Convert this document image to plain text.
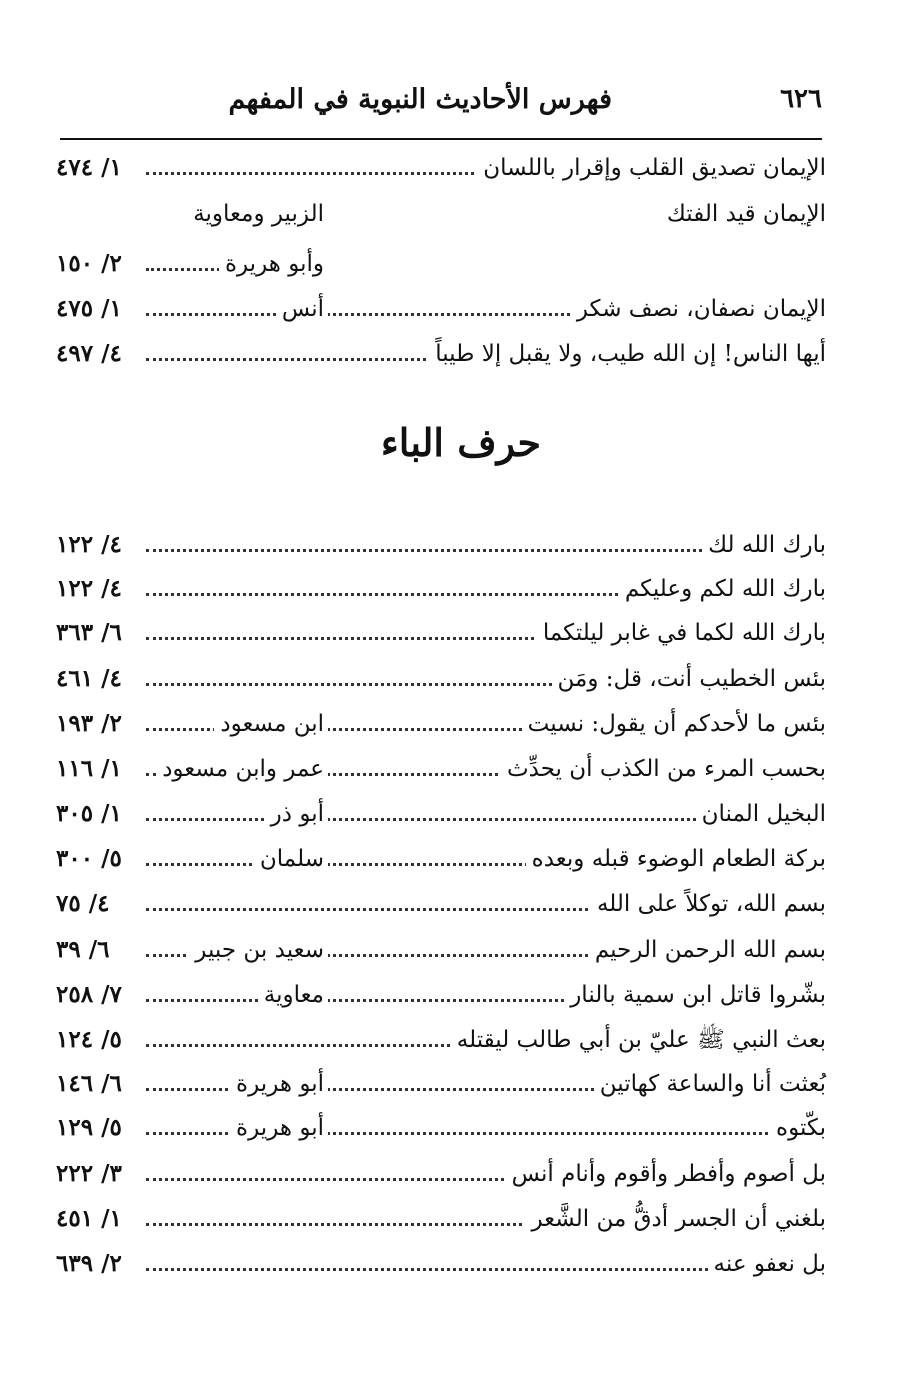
٦٢٦
فهرس الأحاديث النبوية في المفهم
الإيمان تصديق القلب وإقرار باللسان
١/ ٤٧٤
الإيمان قيد الفتك
الزبير ومعاوية
وأبو هريرة
٢/ ١٥٠
الإيمان نصفان، نصف شكر
أنس
١/ ٤٧٥
أيها الناس! إن الله طيب، ولا يقبل إلا طيباً
٤/ ٤٩٧
حرف الباء
بارك الله لك
٤/ ١٢٢
بارك الله لكم وعليكم
٤/ ١٢٢
بارك الله لكما في غابر ليلتكما
٦/ ٣٦٣
بئس الخطيب أنت، قل: ومَن
٤/ ٤٦١
بئس ما لأحدكم أن يقول: نسيت
ابن مسعود
٢/ ١٩٣
بحسب المرء من الكذب أن يحدِّث
عمر وابن مسعود
١/ ١١٦
البخيل المنان
أبو ذر
١/ ٣٠٥
بركة الطعام الوضوء قبله وبعده
سلمان
٥/ ٣٠٠
بسم الله، توكلاً على الله
٤/ ٧٥
بسم الله الرحمن الرحيم
سعيد بن جبير
٦/ ٣٩
بشّروا قاتل ابن سمية بالنار
معاوية
٧/ ٢٥٨
بعث النبي ﷺ عليّ بن أبي طالب ليقتله
٥/ ١٢٤
بُعثت أنا والساعة كهاتين
أبو هريرة
٦/ ١٤٦
بكّتوه
أبو هريرة
٥/ ١٢٩
بل أصوم وأفطر وأقوم وأنام أنس
٣/ ٢٢٢
بلغني أن الجسر أدقُّ من الشَّعر
١/ ٤٥١
بل نعفو عنه
٢/ ٦٣٩
